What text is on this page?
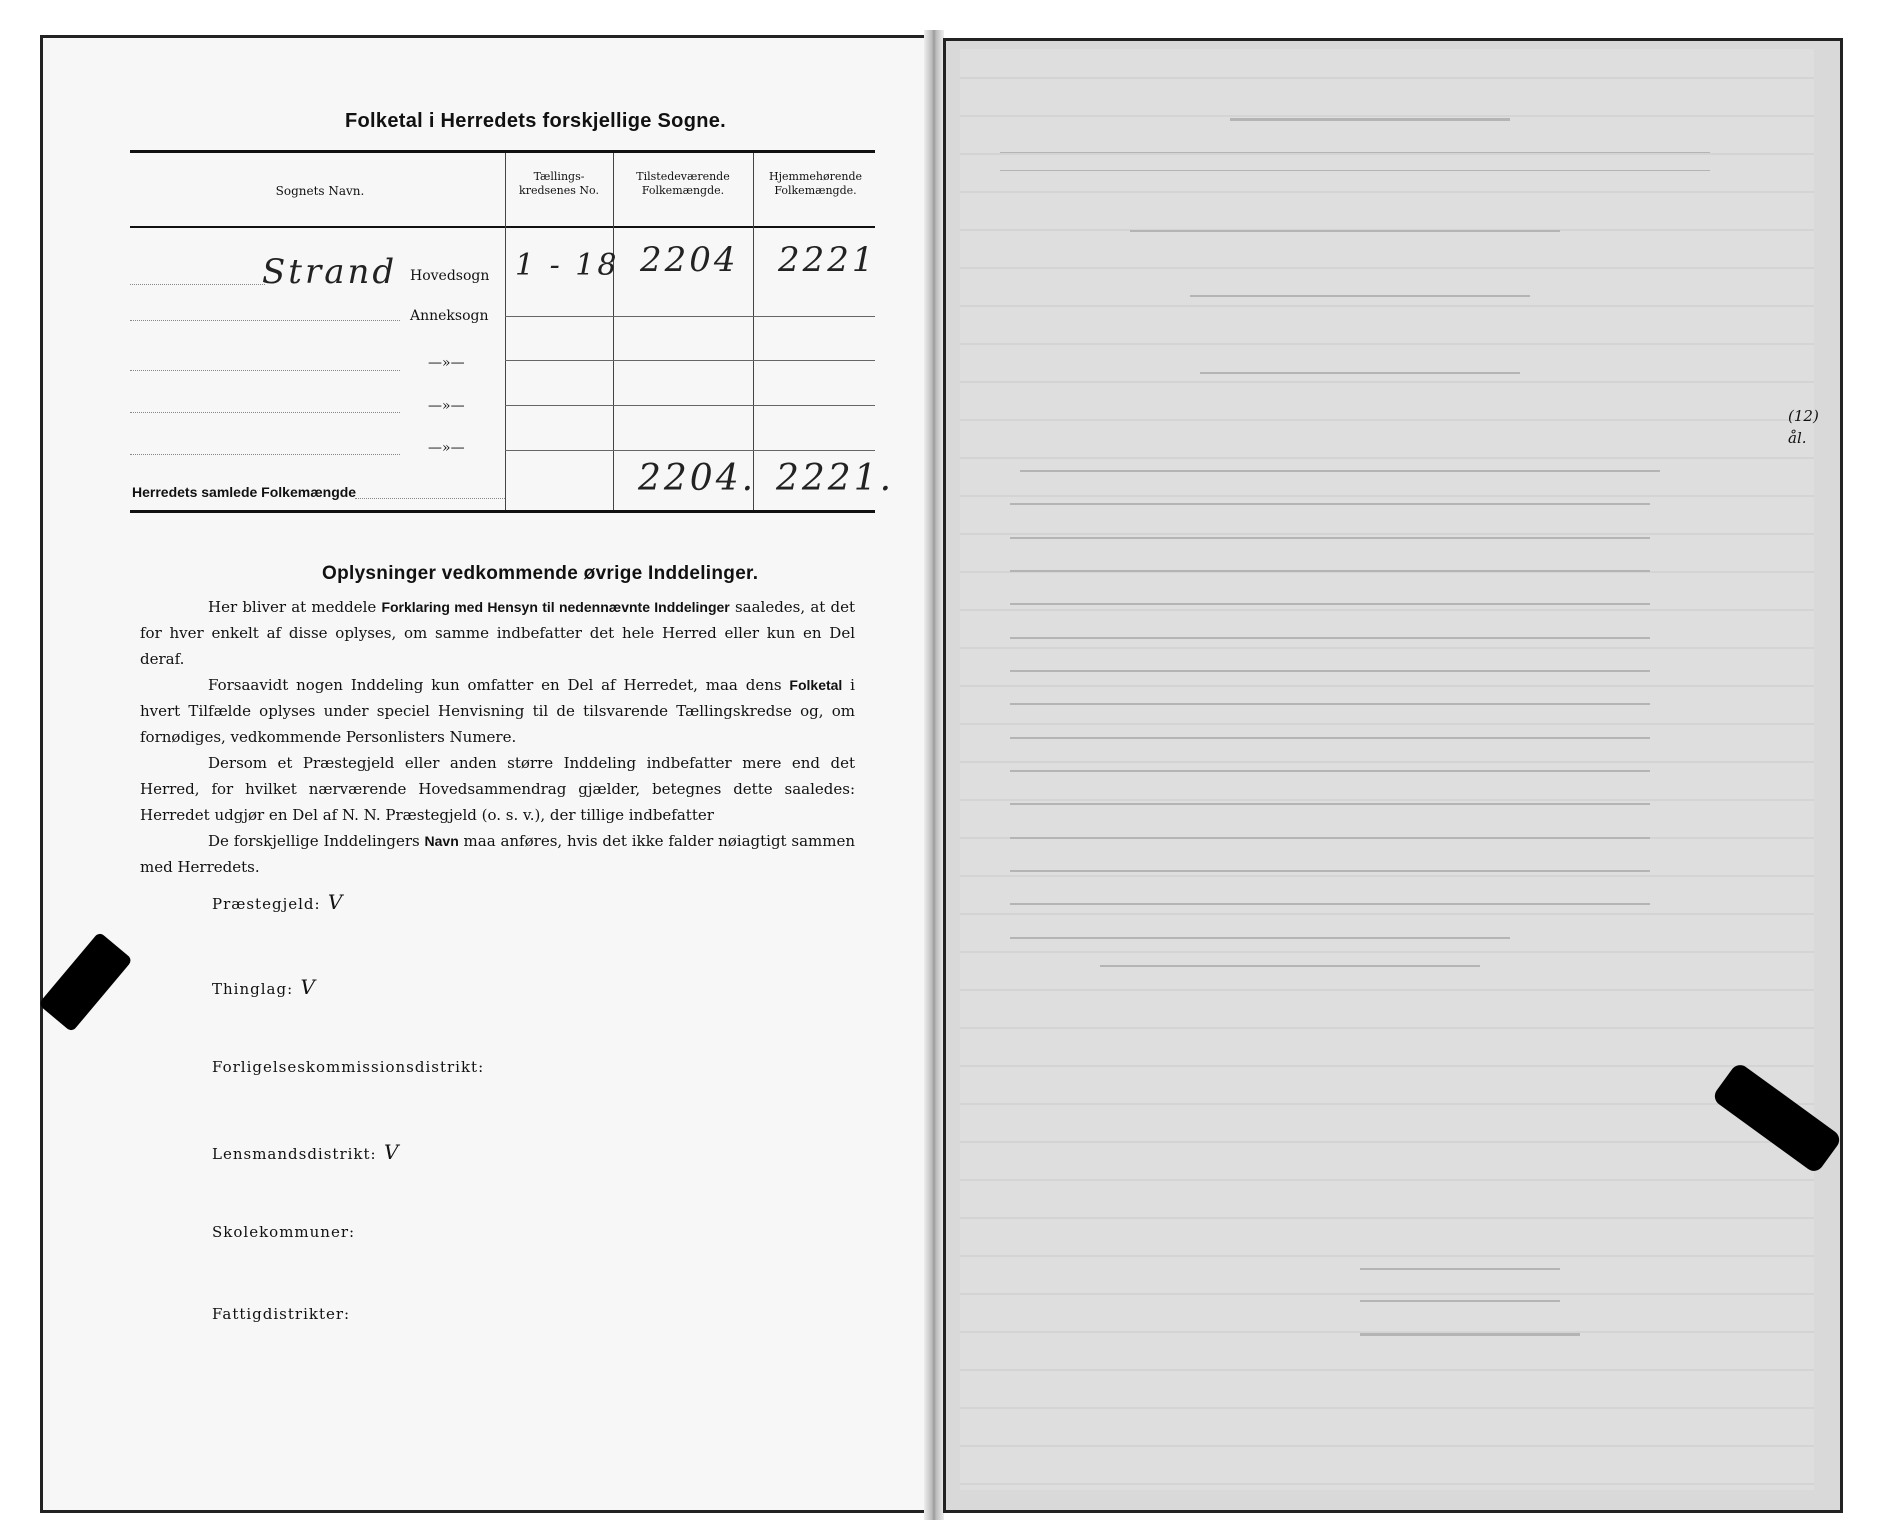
(12)
ål.
Folketal i Herredets forskjellige Sogne.
Sognets Navn.
Tællings-
kredsenes No.
Tilstedeværende
Folkemængde.
Hjemmehørende
Folkemængde.
Strand Hovedsogn 1 - 18 2204 2221
Anneksogn
—»—
—»—
—»—
Herredets samlede Folkemængde	2204. 2221.
Oplysninger vedkommende øvrige Inddelinger.
Her bliver at meddele Forklaring med Hensyn til nedennævnte Inddelinger saaledes, at det for hver enkelt af disse oplyses, om samme indbefatter det hele Herred eller kun en Del deraf.
Forsaavidt nogen Inddeling kun omfatter en Del af Herredet, maa dens Folketal i hvert Tilfælde oplyses under speciel Henvisning til de tilsvarende Tællingskredse og, om fornødiges, vedkommende Personlisters Numere.
Dersom et Præstegjeld eller anden større Inddeling indbefatter mere end det Herred, for hvilket nærværende Hovedsammendrag gjælder, betegnes dette saaledes: Herredet udgjør en Del af N. N. Præstegjeld (o. s. v.), der tillige indbefatter
De forskjellige Inddelingers Navn maa anføres, hvis det ikke falder nøiagtigt sammen med Herredets.
Præstegjeld: V
Thinglag: V
Forligelseskommissionsdistrikt:
Lensmandsdistrikt: V
Skolekommuner:
Fattigdistrikter:
